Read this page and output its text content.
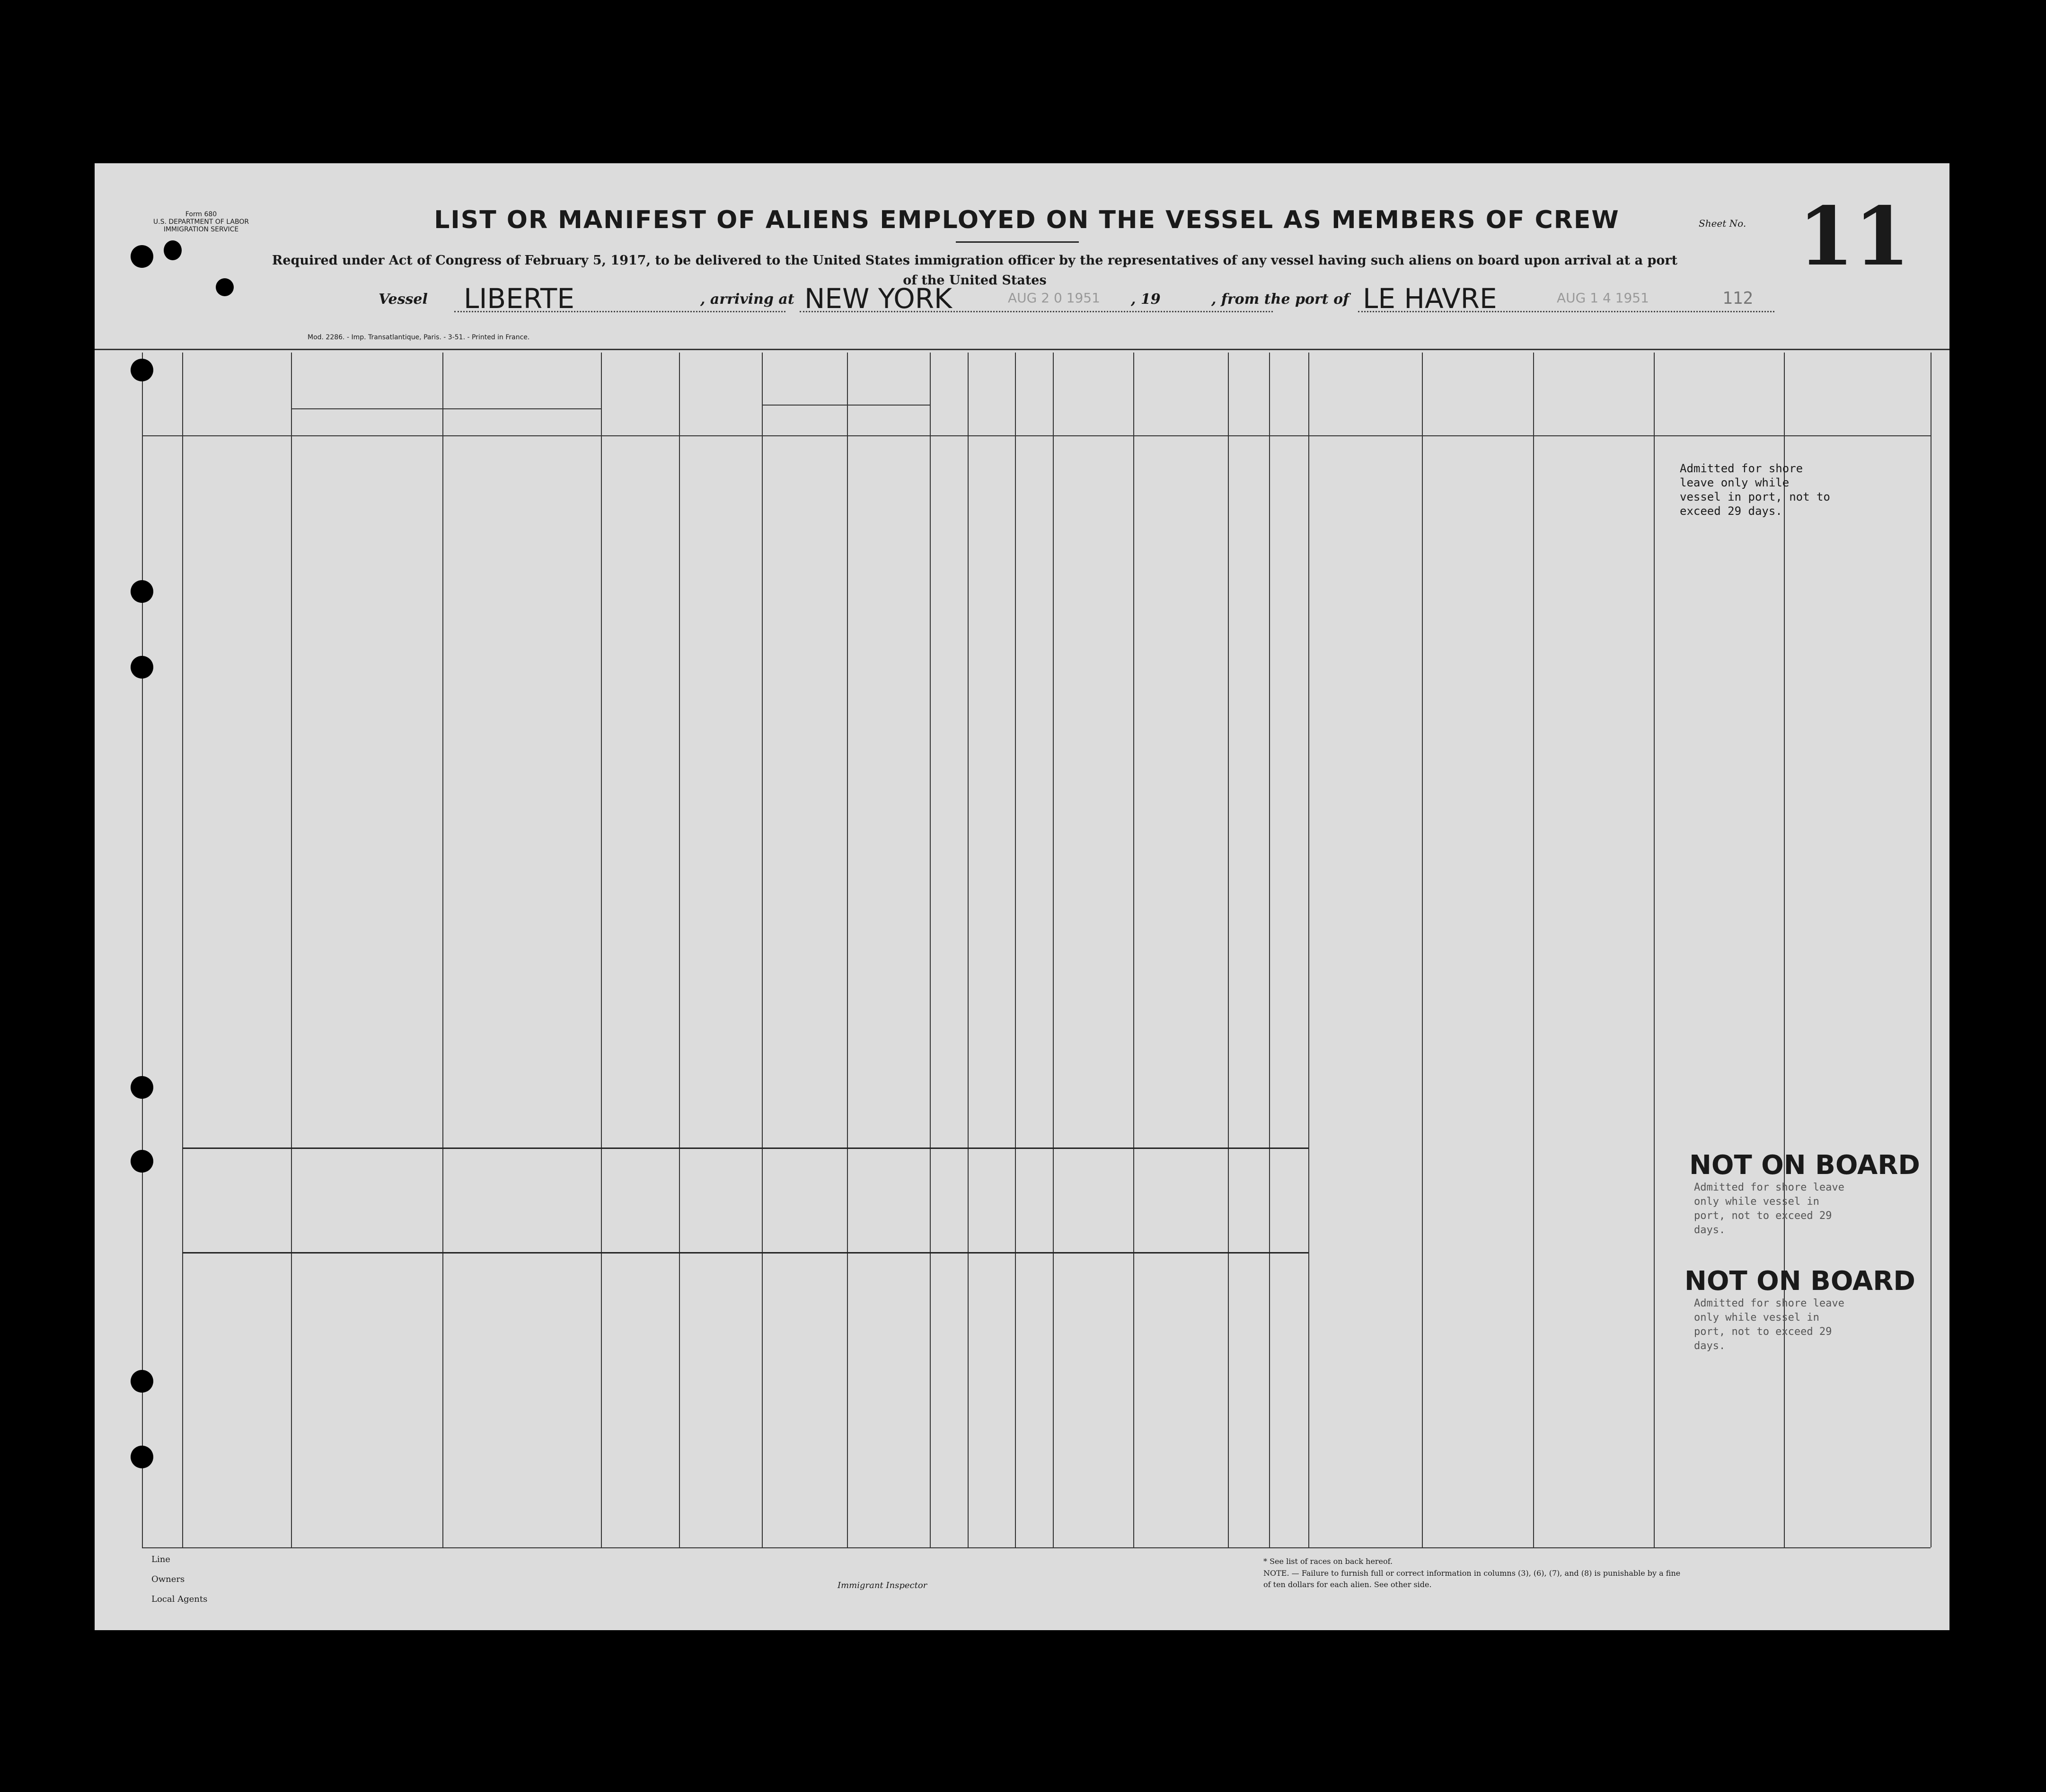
Form 680
U.S. DEPARTMENT OF LABOR
IMMIGRATION SERVICE	LIST OR MANIFEST OF ALIENS EMPLOYED ON THE VESSEL AS MEMBERS OF CREW
Required under Act of Congress of February 5, 1917, to be delivered to the United States immigration officer by the representatives of any vessel having such aliens on board upon arrival at a port of the United States
Sheet No. 11
Vessel LIBERTE	, arriving at NEW YORK	AUG 2 0 1951 , 19	, from the port of LE HAVRE	AUG 1 4 1951	112
Mod. 2286. - Imp. Transatlantique, Paris. - 3-51. - Printed in France.
Admitted for shore leave only while vessel in port, not to exceed 29 days.
NOT ON BOARD
Admitted for shore leave only while vessel in port, not to exceed 29 days.
NOT ON BOARD
Admitted for shore leave only while vessel in port, not to exceed 29 days.
Line
Owners
Local Agents
Immigrant Inspector
* See list of races on back hereof.
NOTE. — Failure to furnish full or correct information in columns (3), (6), (7), and (8) is punishable by a fine of ten dollars for each alien. See other side.
